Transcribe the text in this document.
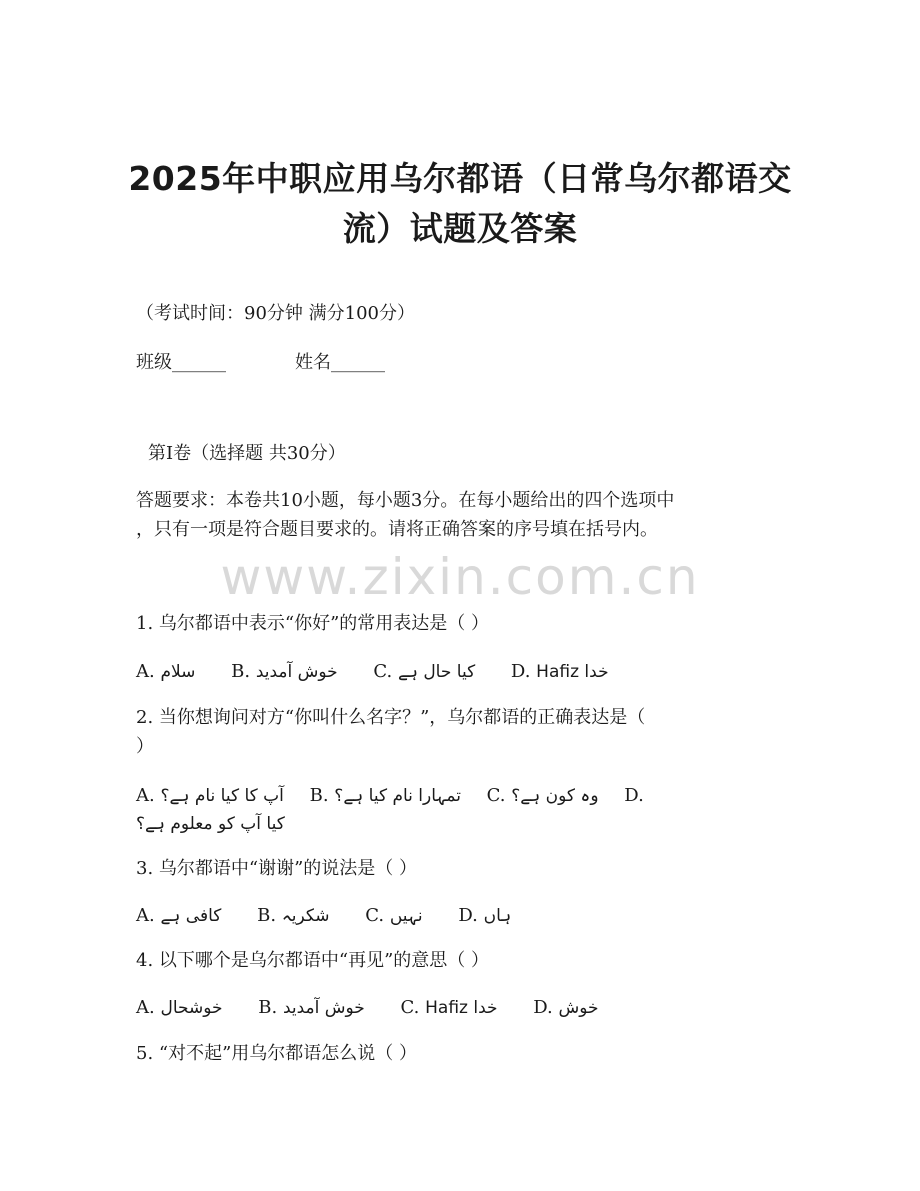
2025年中职应用乌尔都语（日常乌尔都语交
流）试题及答案
（考试时间：90分钟 满分100分）
班级______	姓名______
第Ⅰ卷（选择题 共30分）
答题要求：本卷共10小题，每小题3分。在每小题给出的四个选项中
，只有一项是符合题目要求的。请将正确答案的序号填在括号内。
www.zixin.com.cn
1. 乌尔都语中表示“你好”的常用表达是（ ）
A. سلام B. خوش آمدید C. کیا حال ہے D. خدا Hafiz
2. 当你想询问对方“你叫什么名字？”，乌尔都语的正确表达是（
）
A. آپ کا کیا نام ہے؟ B. تمہارا نام کیا ہے؟ C. وہ کون ہے؟ D.
کیا آپ کو معلوم ہے؟
3. 乌尔都语中“谢谢”的说法是（ ）
A. کافی ہے B. شکریہ C. نہیں D. ہاں
4. 以下哪个是乌尔都语中“再见”的意思（ ）
A. خوشحال B. خوش آمدید C. خدا Hafiz D. خوش
5. “对不起”用乌尔都语怎么说（ ）
